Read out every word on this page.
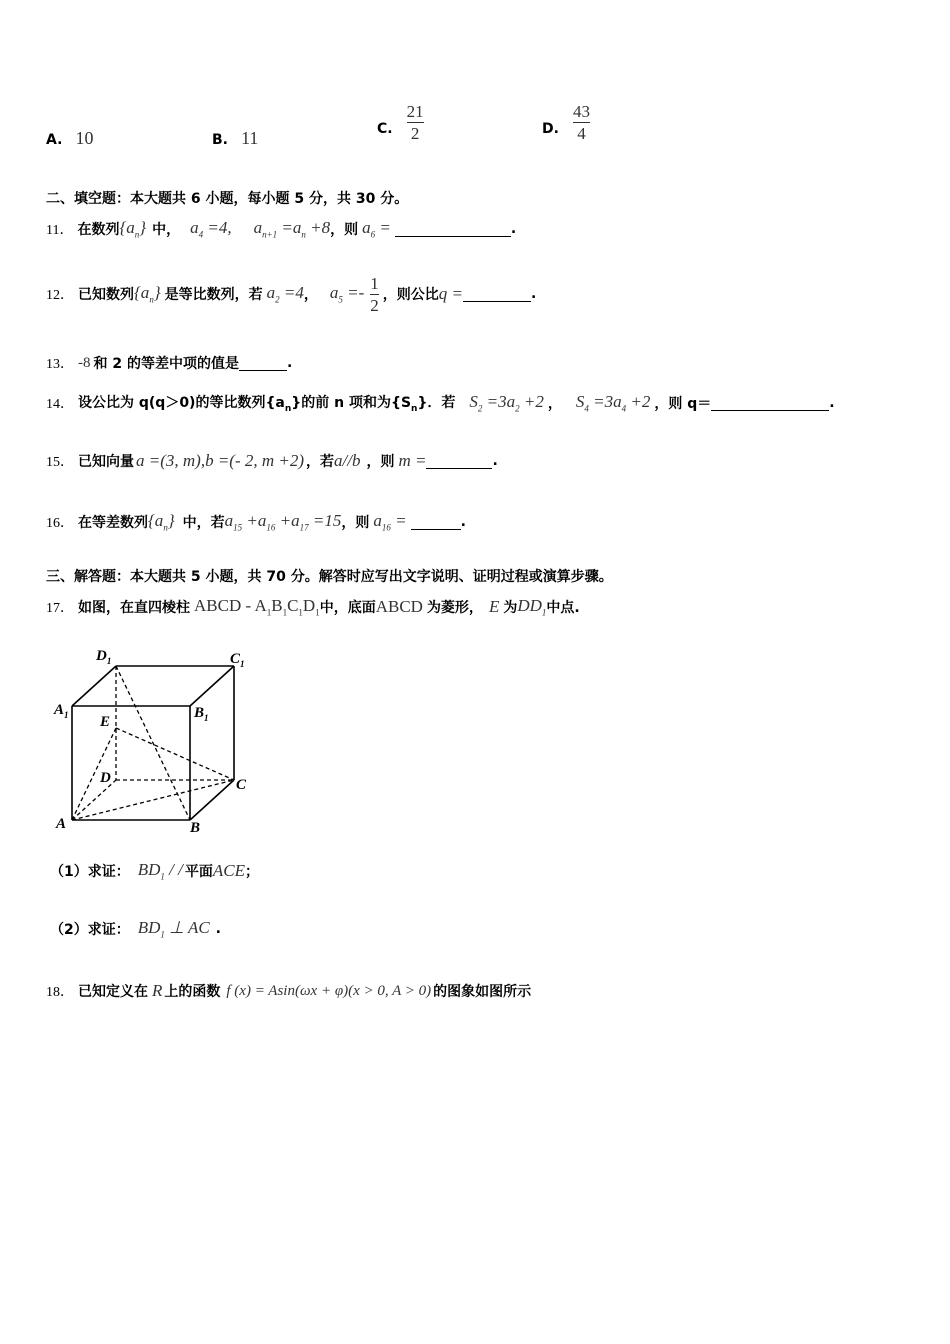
A. 10	B. 11	C. $\frac{21}{2}$	D. $\frac{43}{4}$
二、填空题：本大题共 6 小题，每小题 5 分，共 30 分。
11． 在数列 $\{a_n\}$ 中， $a_4 =4$, $a_{n+1} =a_n +8$ ，则 $a_6$ =	.
12． 已知数列 $\{a_n\}$ 是等比数列，若 $a_2 =4$ ， $a_5 =- \frac{1}{2}$ ，则公比 q =	.
13． -8 和 2 的等差中项的值是	.
14． 设公比为 q(q＞0)的等比数列$\{a_n\}$的前 n 项和为$\{S_n\}$．若 $S_2 =3a_2 +2$ ， $S_4 =3a_4 +2$ ，则 q＝	.
15． 已知向量 a =(3, m),b =(- 2, m +2) ，若 a//b ，则 m =	.
16． 在等差数列 $\{a_n\}$ 中，若 $a_{15} +a_{16} +a_{17} =15$ ，则 $a_{16}$ =	.
三、解答题：本大题共 5 小题，共 70 分。解答时应写出文字说明、证明过程或演算步骤。
17． 如图，在直四棱柱 ABCD - $A_1B_1C_1D_1$ 中，底面 ABCD 为菱形， E 为 $DD_1$ 中点.
$D_1$	$C_1$
$A_1$	$B_1$
E
D	C
A	B
（1）求证： $BD_1$ / / 平面 ACE ；
（2）求证： $BD_1$ ⊥ AC .
18． 已知定义在 R 上的函数 f (x) = Asin(ωx + φ)(x > 0, A > 0) 的图象如图所示
